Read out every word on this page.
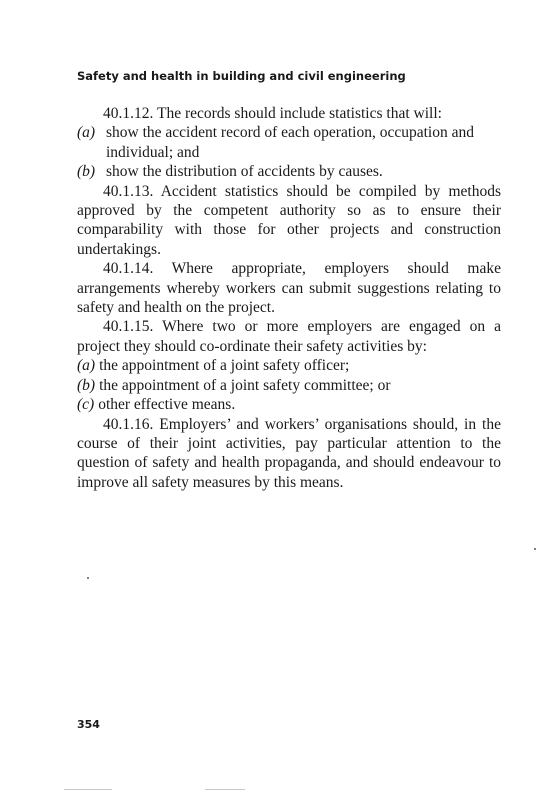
Safety and health in building and civil engineering

40.1.12. The records should include statistics that will:

(a) show the accident record of each operation, occupation and individual; and

(b) show the distribution of accidents by causes.

40.1.13. Accident statistics should be compiled by methods approved by the competent authority so as to ensure their comparability with those for other projects and construction undertakings.

40.1.14. Where appropriate, employers should make arrangements whereby workers can submit suggestions relating to safety and health on the project.

40.1.15. Where two or more employers are engaged on a project they should co-ordinate their safety activities by:

(a) the appointment of a joint safety officer;

(b) the appointment of a joint safety committee; or

(c) other effective means.

40.1.16. Employers’ and workers’ organisations should, in the course of their joint activities, pay particular attention to the question of safety and health propaganda, and should endeavour to improve all safety measures by this means.

354
